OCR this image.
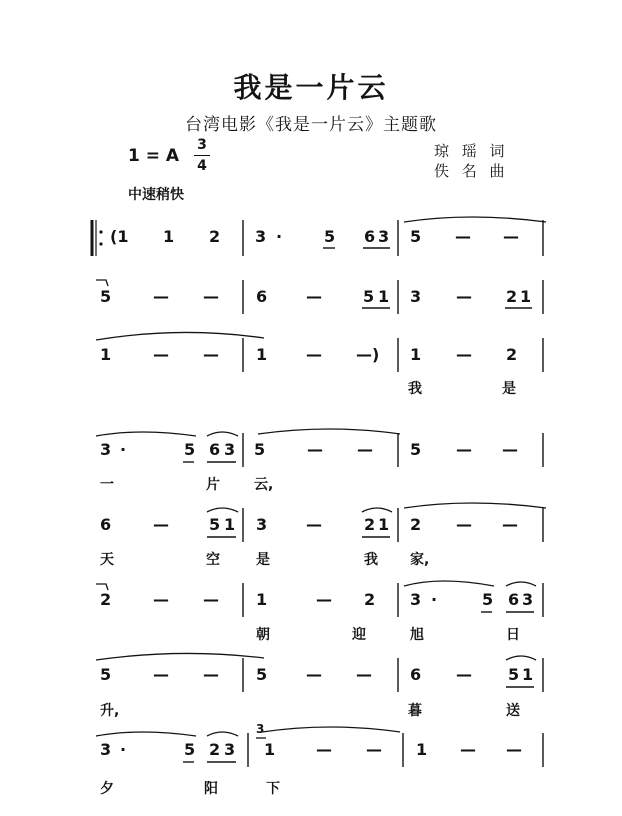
我是一片云
台湾电影《我是一片云》主题歌
1 = A
3
4
琼 瑶 词
佚 名 曲
中速稍快
(1 1 2 3 ·	5 6 3 5 — —
5	— — 6 —	5 1 3 — 2 1
1	— — 1 — —) 1 — 2
我	是
3 ·	5 6 3 5	— — 5 — —
一	片 云,
6	—	5 1 3 —	2 1 2 — —
天	空	是	我 家,
2	— — 1	— 2 3 ·	5 6 3
朝	迎	旭	日
5	— — 5 — — 6 — 5 1
升,	暮	送
3 ·	5 2 3
3
1	— — 1 — —
夕	阳	下
